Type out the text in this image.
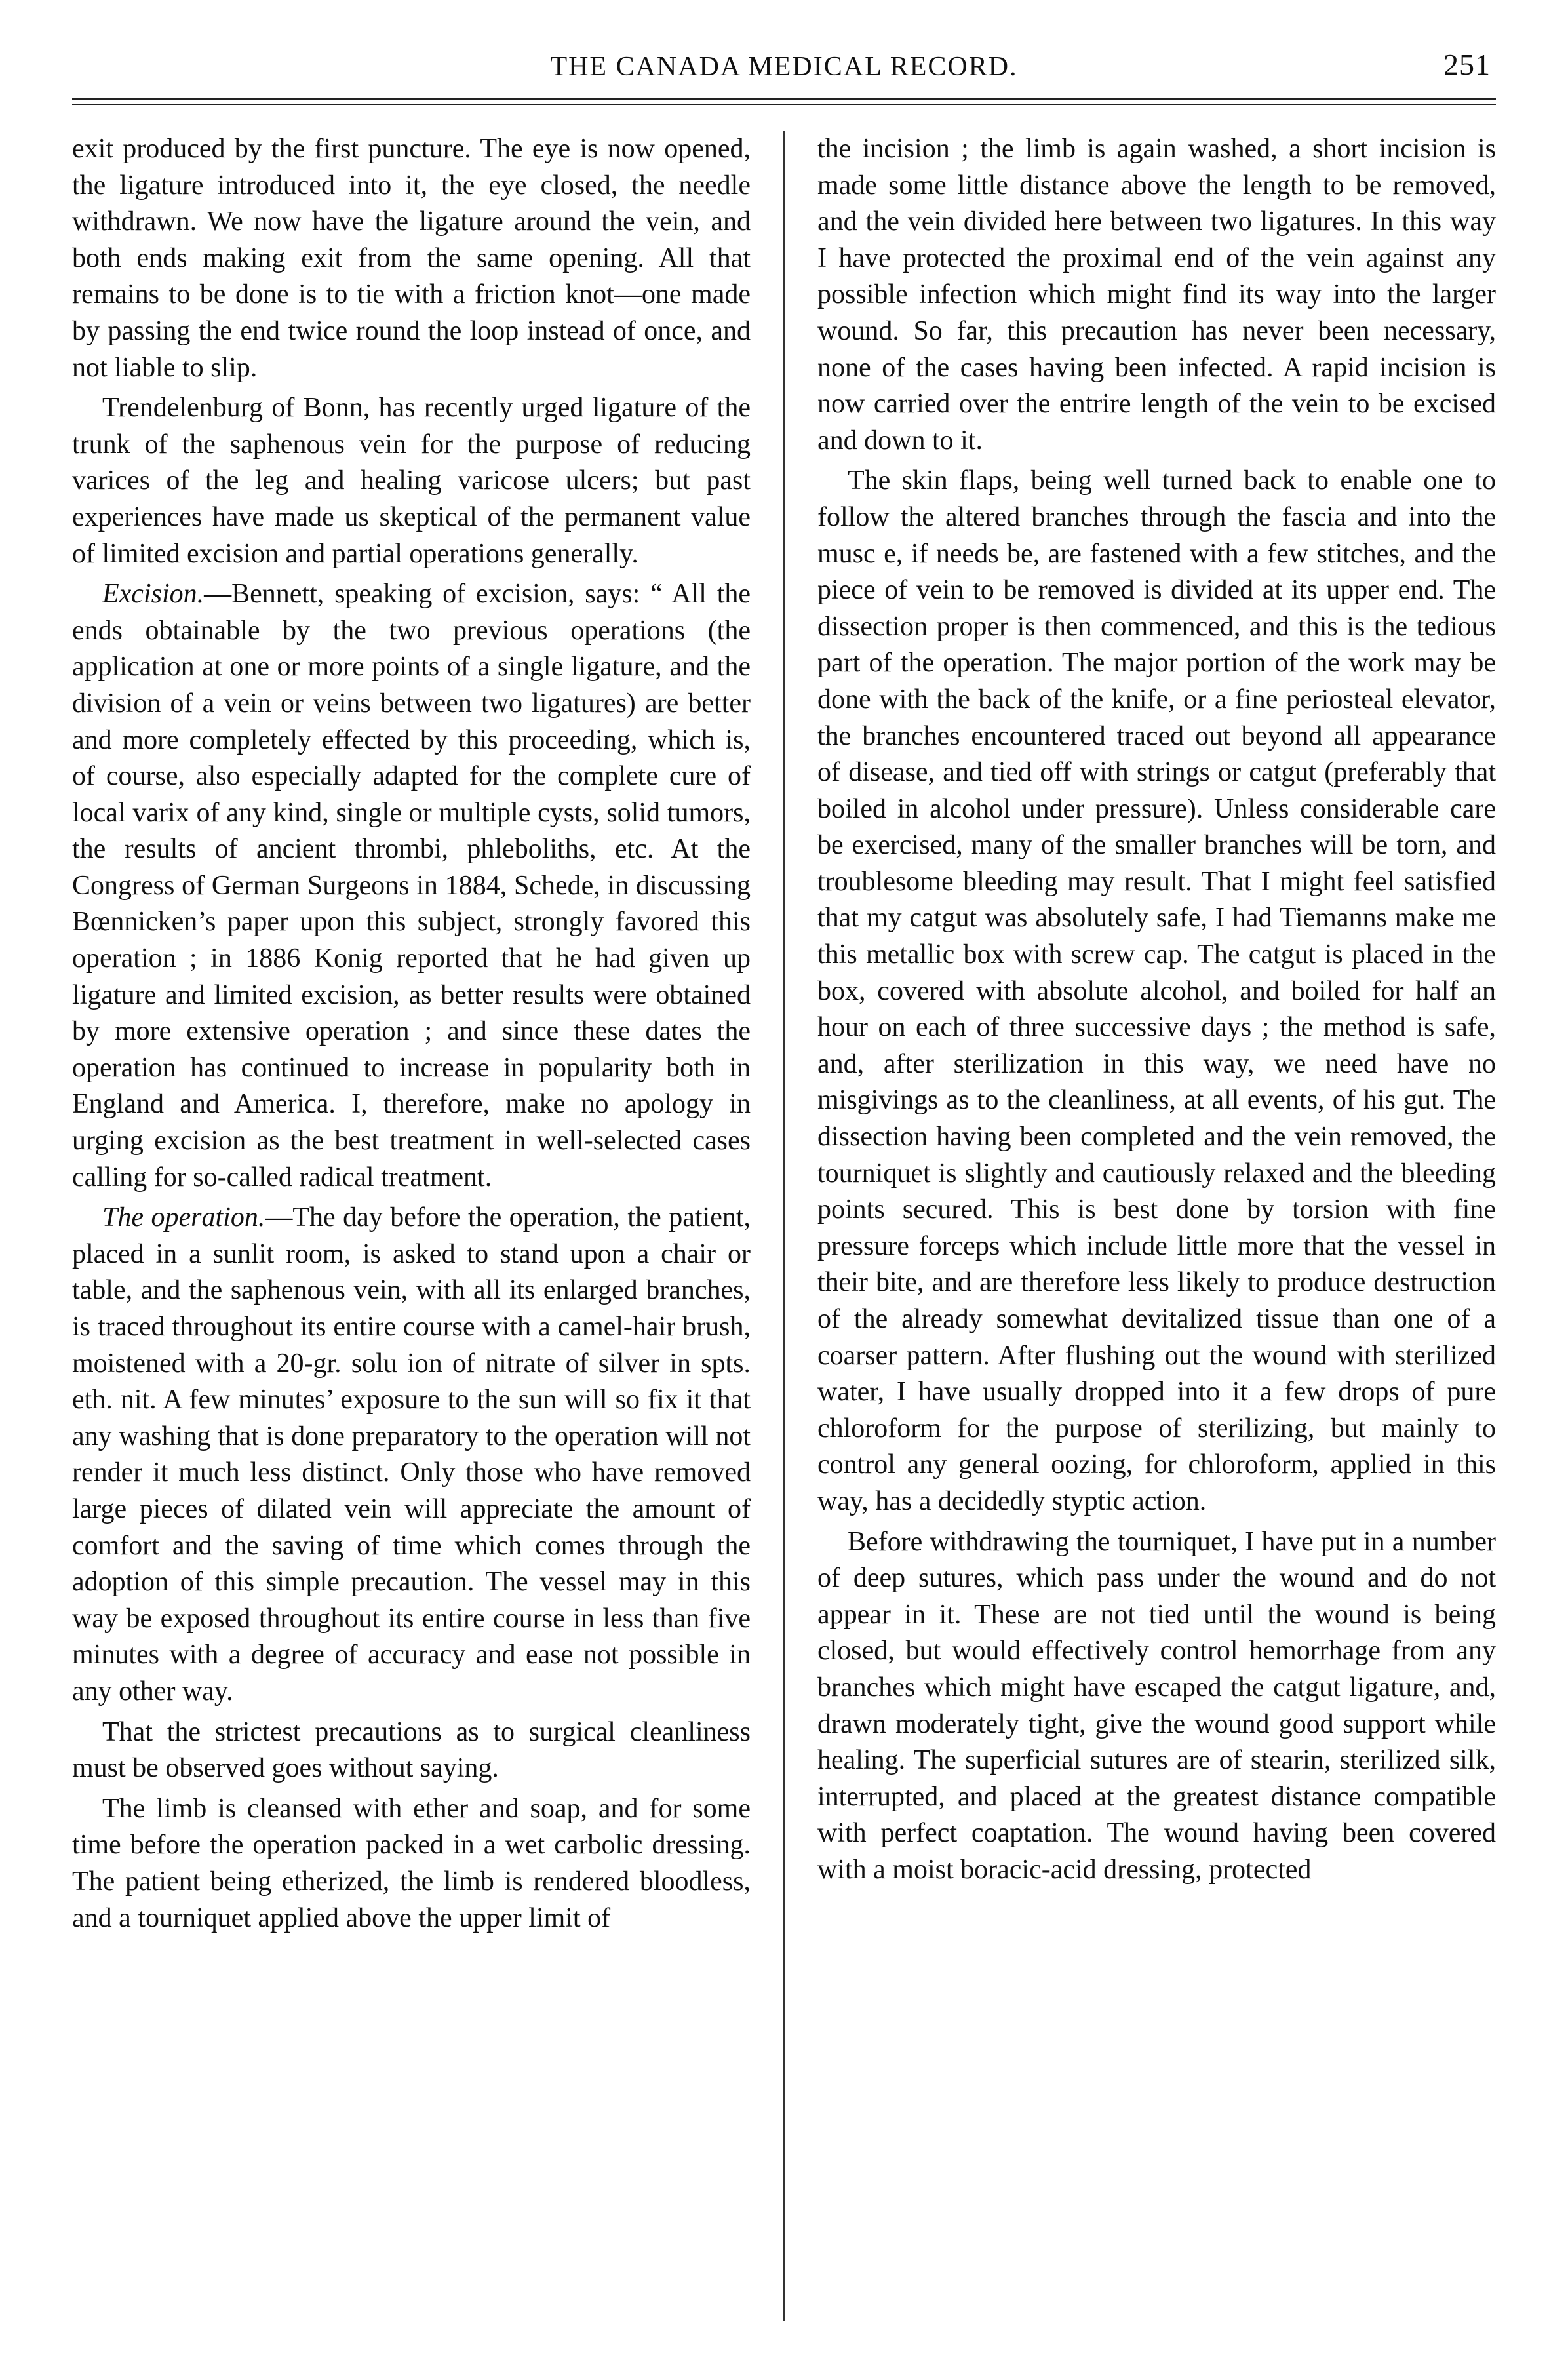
THE CANADA MEDICAL RECORD.	251

exit produced by the first puncture. The eye is now opened, the ligature introduced into it, the eye closed, the needle withdrawn. We now have the ligature around the vein, and both ends making exit from the same opening. All that remains to be done is to tie with a friction knot—one made by passing the end twice round the loop instead of once, and not liable to slip.

Trendelenburg of Bonn, has recently urged ligature of the trunk of the saphenous vein for the purpose of reducing varices of the leg and healing varicose ulcers; but past experiences have made us skeptical of the permanent value of limited excision and partial operations generally.

Excision.—Bennett, speaking of excision, says: “ All the ends obtainable by the two previous operations (the application at one or more points of a single ligature, and the division of a vein or veins between two ligatures) are better and more completely effected by this proceeding, which is, of course, also especially adapted for the complete cure of local varix of any kind, single or multiple cysts, solid tumors, the results of ancient thrombi, phleboliths, etc. At the Congress of German Surgeons in 1884, Schede, in discussing Bœnnicken’s paper upon this subject, strongly favored this operation ; in 1886 Konig reported that he had given up ligature and limited excision, as better results were obtained by more extensive operation ; and since these dates the operation has continued to increase in popularity both in England and America. I, therefore, make no apology in urging excision as the best treatment in well-selected cases calling for so-called radical treatment.

The operation.—The day before the operation, the patient, placed in a sunlit room, is asked to stand upon a chair or table, and the saphenous vein, with all its enlarged branches, is traced throughout its entire course with a camel-hair brush, moistened with a 20-gr. solu ion of nitrate of silver in spts. eth. nit. A few minutes’ exposure to the sun will so fix it that any washing that is done preparatory to the operation will not render it much less distinct. Only those who have removed large pieces of dilated vein will appreciate the amount of comfort and the saving of time which comes through the adoption of this simple precaution. The vessel may in this way be exposed throughout its entire course in less than five minutes with a degree of accuracy and ease not possible in any other way.

That the strictest precautions as to surgical cleanliness must be observed goes without saying.

The limb is cleansed with ether and soap, and for some time before the operation packed in a wet carbolic dressing. The patient being etherized, the limb is rendered bloodless, and a tourniquet applied above the upper limit of

the incision ; the limb is again washed, a short incision is made some little distance above the length to be removed, and the vein divided here between two ligatures. In this way I have protected the proximal end of the vein against any possible infection which might find its way into the larger wound. So far, this precaution has never been necessary, none of the cases having been infected. A rapid incision is now carried over the entrire length of the vein to be excised and down to it.

The skin flaps, being well turned back to enable one to follow the altered branches through the fascia and into the musc e, if needs be, are fastened with a few stitches, and the piece of vein to be removed is divided at its upper end. The dissection proper is then commenced, and this is the tedious part of the operation. The major portion of the work may be done with the back of the knife, or a fine periosteal elevator, the branches encountered traced out beyond all appearance of disease, and tied off with strings or catgut (preferably that boiled in alcohol under pressure). Unless considerable care be exercised, many of the smaller branches will be torn, and troublesome bleeding may result. That I might feel satisfied that my catgut was absolutely safe, I had Tiemanns make me this metallic box with screw cap. The catgut is placed in the box, covered with absolute alcohol, and boiled for half an hour on each of three successive days ; the method is safe, and, after sterilization in this way, we need have no misgivings as to the cleanliness, at all events, of his gut. The dissection having been completed and the vein removed, the tourniquet is slightly and cautiously relaxed and the bleeding points secured. This is best done by torsion with fine pressure forceps which include little more that the vessel in their bite, and are therefore less likely to produce destruction of the already somewhat devitalized tissue than one of a coarser pattern. After flushing out the wound with sterilized water, I have usually dropped into it a few drops of pure chloroform for the purpose of sterilizing, but mainly to control any general oozing, for chloroform, applied in this way, has a decidedly styptic action.

Before withdrawing the tourniquet, I have put in a number of deep sutures, which pass under the wound and do not appear in it. These are not tied until the wound is being closed, but would effectively control hemorrhage from any branches which might have escaped the catgut ligature, and, drawn moderately tight, give the wound good support while healing. The superficial sutures are of stearin, sterilized silk, interrupted, and placed at the greatest distance compatible with perfect coaptation. The wound having been covered with a moist boracic-acid dressing, protected
